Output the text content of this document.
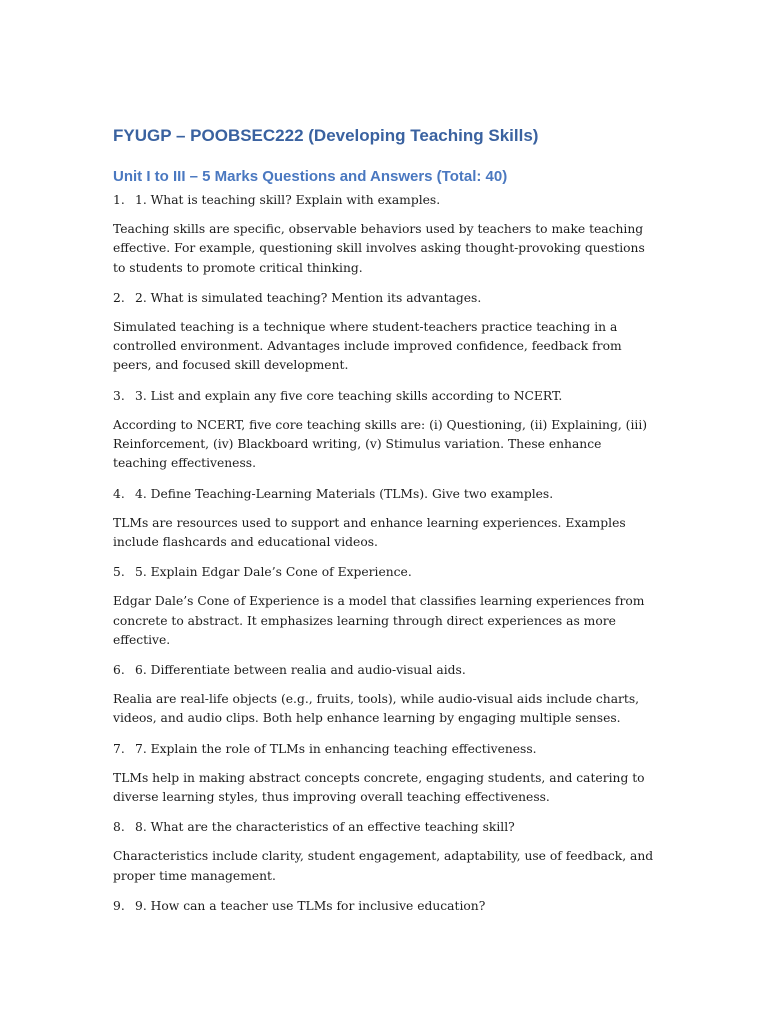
FYUGP – POOBSEC222 (Developing Teaching Skills)
Unit I to III – 5 Marks Questions and Answers (Total: 40)
1. 1. What is teaching skill? Explain with examples.

Teaching skills are specific, observable behaviors used by teachers to make teaching effective. For example, questioning skill involves asking thought-provoking questions to students to promote critical thinking.

2. 2. What is simulated teaching? Mention its advantages.

Simulated teaching is a technique where student-teachers practice teaching in a controlled environment. Advantages include improved confidence, feedback from peers, and focused skill development.

3. 3. List and explain any five core teaching skills according to NCERT.

According to NCERT, five core teaching skills are: (i) Questioning, (ii) Explaining, (iii) Reinforcement, (iv) Blackboard writing, (v) Stimulus variation. These enhance teaching effectiveness.

4. 4. Define Teaching-Learning Materials (TLMs). Give two examples.

TLMs are resources used to support and enhance learning experiences. Examples include flashcards and educational videos.

5. 5. Explain Edgar Dale’s Cone of Experience.

Edgar Dale’s Cone of Experience is a model that classifies learning experiences from concrete to abstract. It emphasizes learning through direct experiences as more effective.

6. 6. Differentiate between realia and audio-visual aids.

Realia are real-life objects (e.g., fruits, tools), while audio-visual aids include charts, videos, and audio clips. Both help enhance learning by engaging multiple senses.

7. 7. Explain the role of TLMs in enhancing teaching effectiveness.

TLMs help in making abstract concepts concrete, engaging students, and catering to diverse learning styles, thus improving overall teaching effectiveness.

8. 8. What are the characteristics of an effective teaching skill?

Characteristics include clarity, student engagement, adaptability, use of feedback, and proper time management.

9. 9. How can a teacher use TLMs for inclusive education?
